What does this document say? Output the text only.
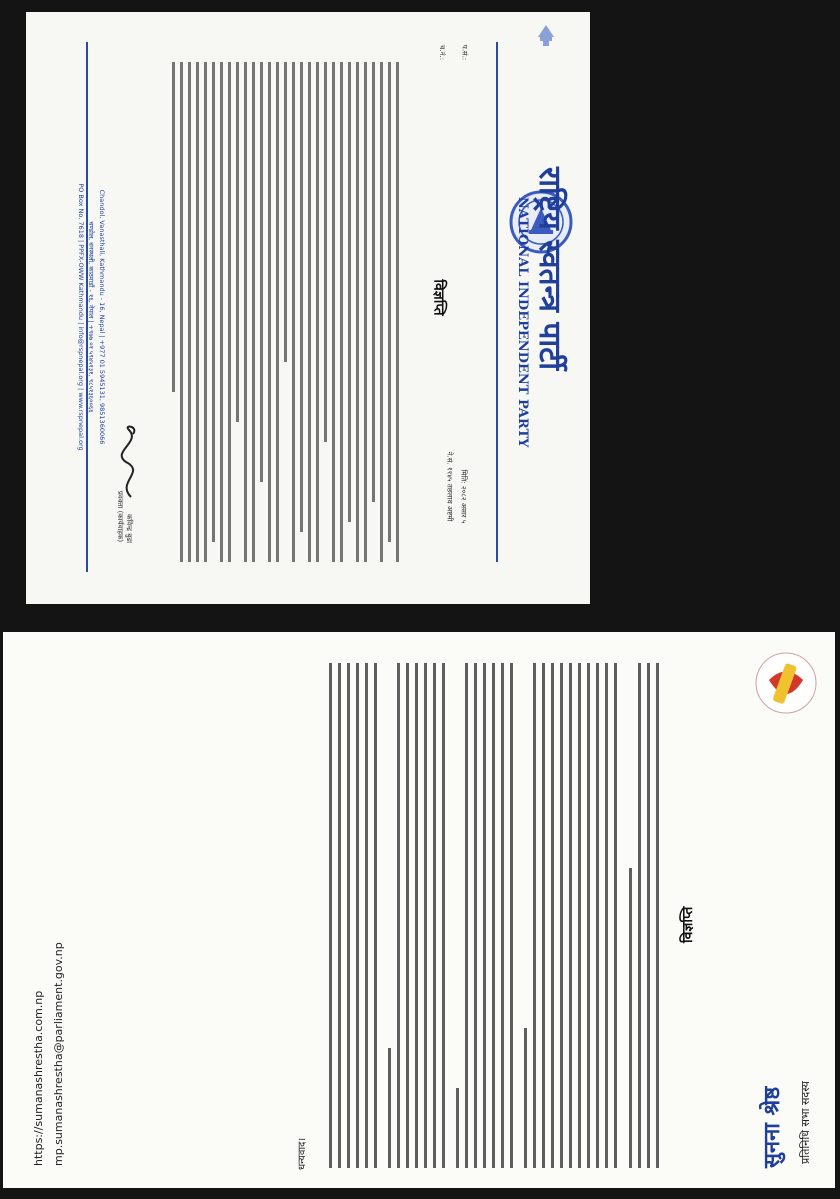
राष्ट्रिय स्वतन्त्र पार्टी
NATIONAL INDEPENDENT PARTY
विज्ञप्ति
प.सं.:
च.नं.:
मिति: २०८२ असार ५
ने.सं. ११४५ तछलाथ अष्टमी
कविन्द्र बुढा
प्रवक्ता (कार्यवाहक)
Chandol, Vanasthali, Kathmandu - 16, Nepal | +977 01 5945131, 9851360066
चण्डोल, वनस्थली, काठमाडौं - १६, नेपाल | +९७७ ०१ ५९४५१३१, ९८५१३६००६६
PO Box No. 7618 | PPFX-OWW Kathmandu | info@rspnepal.org | www.rspnepal.org
सुनना श्रेष्ठ प्रतिनिधि सभा सदस्य
विज्ञप्ति
धन्यवाद।
mp.sumanashrestha@parliament.gov.np
https://sumanashrestha.com.np
